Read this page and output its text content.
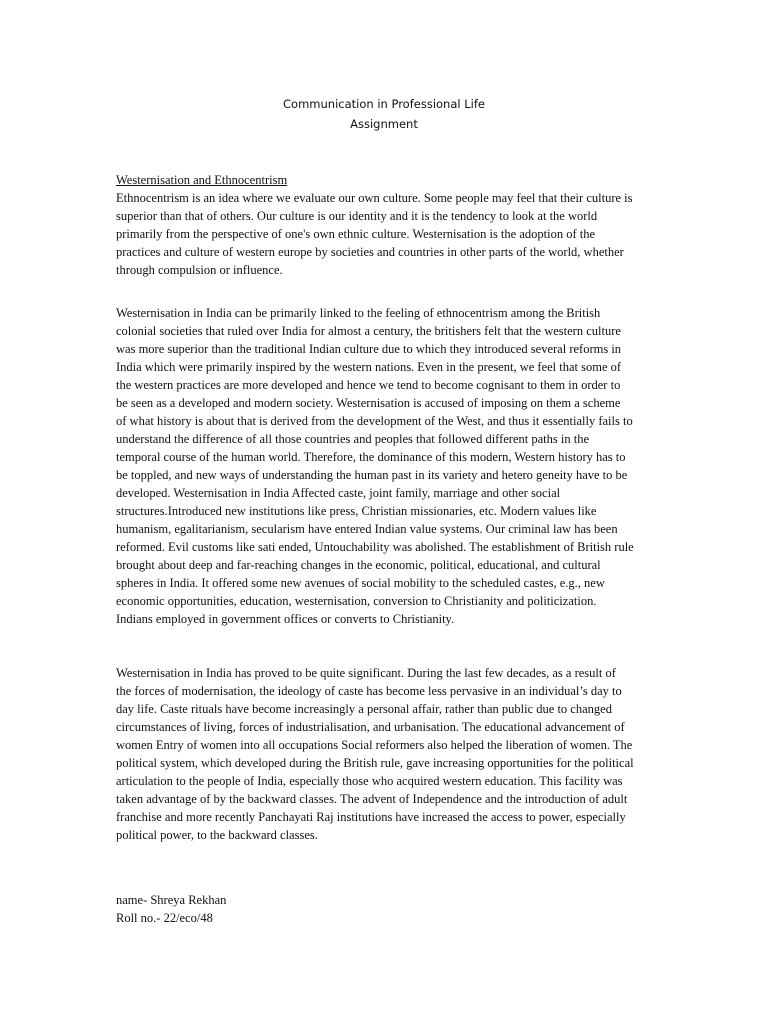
Communication in Professional Life
Assignment
Westernisation and Ethnocentrism
Ethnocentrism is an idea where we evaluate our own culture. Some people may feel that their culture is
superior than that of others. Our culture is our identity and it is the tendency to look at the world
primarily from the perspective of one's own ethnic culture. Westernisation is the adoption of the
practices and culture of western europe by societies and countries in other parts of the world, whether
through compulsion or influence.
Westernisation in India can be primarily linked to the feeling of ethnocentrism among the British
colonial societies that ruled over India for almost a century, the britishers felt that the western culture
was more superior than the traditional Indian culture due to which they introduced several reforms in
India which were primarily inspired by the western nations. Even in the present, we feel that some of
the western practices are more developed and hence we tend to become cognisant to them in order to
be seen as a developed and modern society. Westernisation is accused of imposing on them a scheme
of what history is about that is derived from the development of the West, and thus it essentially fails to
understand the difference of all those countries and peoples that followed different paths in the
temporal course of the human world. Therefore, the dominance of this modern, Western history has to
be toppled, and new ways of understanding the human past in its variety and hetero geneity have to be
developed. Westernisation in India Affected caste, joint family, marriage and other social
structures.Introduced new institutions like press, Christian missionaries, etc. Modern values like
humanism, egalitarianism, secularism have entered Indian value systems. Our criminal law has been
reformed. Evil customs like sati ended, Untouchability was abolished. The establishment of British rule
brought about deep and far-reaching changes in the economic, political, educational, and cultural
spheres in India. It offered some new avenues of social mobility to the scheduled castes, e.g., new
economic opportunities, education, westernisation, conversion to Christianity and politicization.
Indians employed in government offices or converts to Christianity.
Westernisation in India has proved to be quite significant. During the last few decades, as a result of
the forces of modernisation, the ideology of caste has become less pervasive in an individual’s day to
day life. Caste rituals have become increasingly a personal affair, rather than public due to changed
circumstances of living, forces of industrialisation, and urbanisation. The educational advancement of
women Entry of women into all occupations Social reformers also helped the liberation of women. The
political system, which developed during the British rule, gave increasing opportunities for the political
articulation to the people of India, especially those who acquired western education. This facility was
taken advantage of by the backward classes. The advent of Independence and the introduction of adult
franchise and more recently Panchayati Raj institutions have increased the access to power, especially
political power, to the backward classes.
name- Shreya Rekhan
Roll no.- 22/eco/48
